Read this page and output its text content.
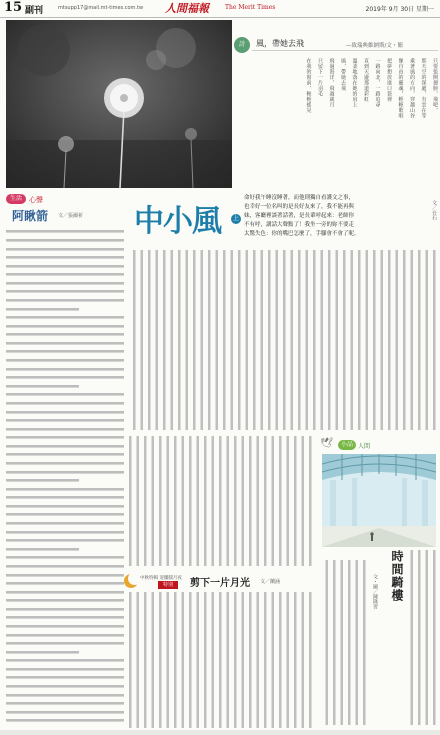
15 副刊	mtsupp17@mail.mt-times.com.tw 人間福報	The Merit Times	2019年 9月 30日 星期一
詩	風，帶她去飛	—致瑞典維納斯/文・簡
只要張開翅膀，飛吧，
那天空的深處，有雲在等
乘著風的方向，穿越山谷
像自由的靈魂，輕輕歌唱
把夢想放進口袋裡
一路向北，一路追尋
直到天邊那道彩虹
溫柔地落在她的肩上
風，帶她去飛
飛過海洋，飛過歲月
只留下一片羽毛
在我的窗前，輕輕搖晃
生活	心聲
阿瞅箭 文／張爾祈 中小風	上	文／台石
命好我午睡沒睡著，而他則獨自看護文之事，
也幸好一位名叫的是長好友來了，我不能再與
妹，客廳裡談著話著，是長輩呼起來：老師你
不有呼，講話大聲點了！我坐一旁的妳不要走
太驚失色：你的嘴巴怎麼了，手腳會不會了呢。
🕊	小品 人間
時間騎樓
文・圖／陳隆習
中秋特輯 迎團圓月夜
特別	剪下一片月光 文／蘭涵
